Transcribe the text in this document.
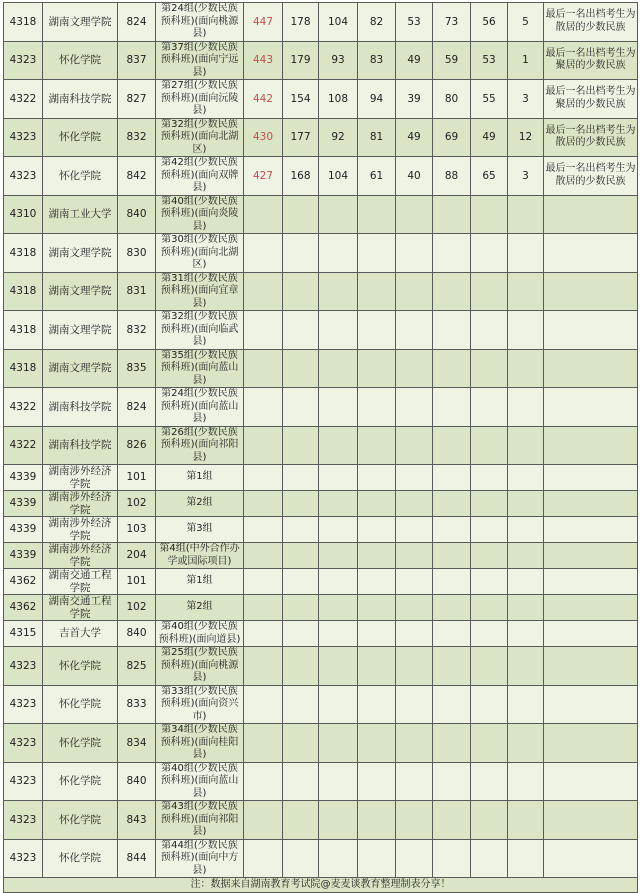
4318	湖南文理学院	824	第24组(少数民族预科班)(面向桃源县)	447	178	104	82	53	73	56	5	最后一名出档考生为散居的少数民族
4323	怀化学院	837	第37组(少数民族预科班)(面向宁远县)	443	179	93	83	49	59	53	1	最后一名出档考生为聚居的少数民族
4322	湖南科技学院	827	第27组(少数民族预科班)(面向沅陵县)	442	154	108	94	39	80	55	3	最后一名出档考生为聚居的少数民族
4323	怀化学院	832	第32组(少数民族预科班)(面向北湖区)	430	177	92	81	49	69	49	12	最后一名出档考生为散居的少数民族
4323	怀化学院	842	第42组(少数民族预科班)(面向双牌县)	427	168	104	61	40	88	65	3	最后一名出档考生为散居的少数民族
4310	湖南工业大学	840	第40组(少数民族预科班)(面向炎陵县)									
4318	湖南文理学院	830	第30组(少数民族预科班)(面向北湖区)									
4318	湖南文理学院	831	第31组(少数民族预科班)(面向宜章县)									
4318	湖南文理学院	832	第32组(少数民族预科班)(面向临武县)									
4318	湖南文理学院	835	第35组(少数民族预科班)(面向蓝山县)									
4322	湖南科技学院	824	第24组(少数民族预科班)(面向蓝山县)									
4322	湖南科技学院	826	第26组(少数民族预科班)(面向祁阳县)									
4339	湖南涉外经济学院	101	第1组									
4339	湖南涉外经济学院	102	第2组									
4339	湖南涉外经济学院	103	第3组									
4339	湖南涉外经济学院	204	第4组(中外合作办学或国际项目)									
4362	湖南交通工程学院	101	第1组									
4362	湖南交通工程学院	102	第2组									
4315	吉首大学	840	第40组(少数民族预科班)(面向道县)									
4323	怀化学院	825	第25组(少数民族预科班)(面向桃源县)									
4323	怀化学院	833	第33组(少数民族预科班)(面向资兴市)									
4323	怀化学院	834	第34组(少数民族预科班)(面向桂阳县)									
4323	怀化学院	840	第40组(少数民族预科班)(面向蓝山县)									
4323	怀化学院	843	第43组(少数民族预科班)(面向祁阳县)									
4323	怀化学院	844	第44组(少数民族预科班)(面向中方县)									
注：数据来自湖南教育考试院@麦麦谈教育整理制表分享！												
